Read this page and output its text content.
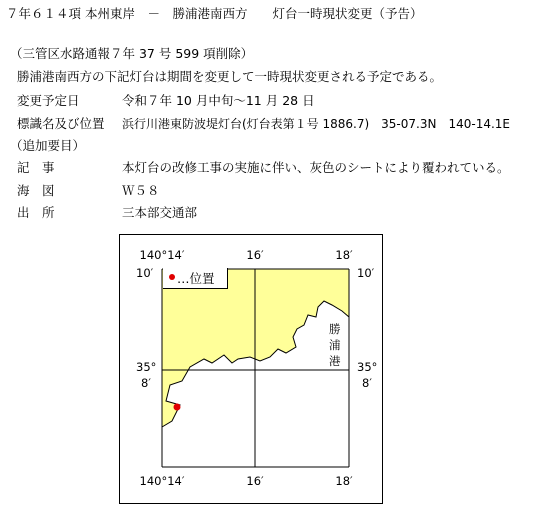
７年６１４項 本州東岸　－　勝浦港南西方　　灯台一時現状変更（予告）
（三管区水路通報７年 37 号 599 項削除）
勝浦港南西方の下記灯台は期間を変更して一時現状変更される予定である。
変更予定日	令和７年 10 月中旬～11 月 28 日
標識名及び位置	浜行川港東防波堤灯台(灯台表第１号 1886.7)　35-07.3N　140-14.1E
（追加要目）
記　事	本灯台の改修工事の実施に伴い、灰色のシートにより覆われている。
海　図	Ｗ５８
出　所	三本部交通部
勝
浦
港
140°14′	16′	18′
140°14′	16′	18′
10′
35°
8′
10′
35°
8′
…位置
